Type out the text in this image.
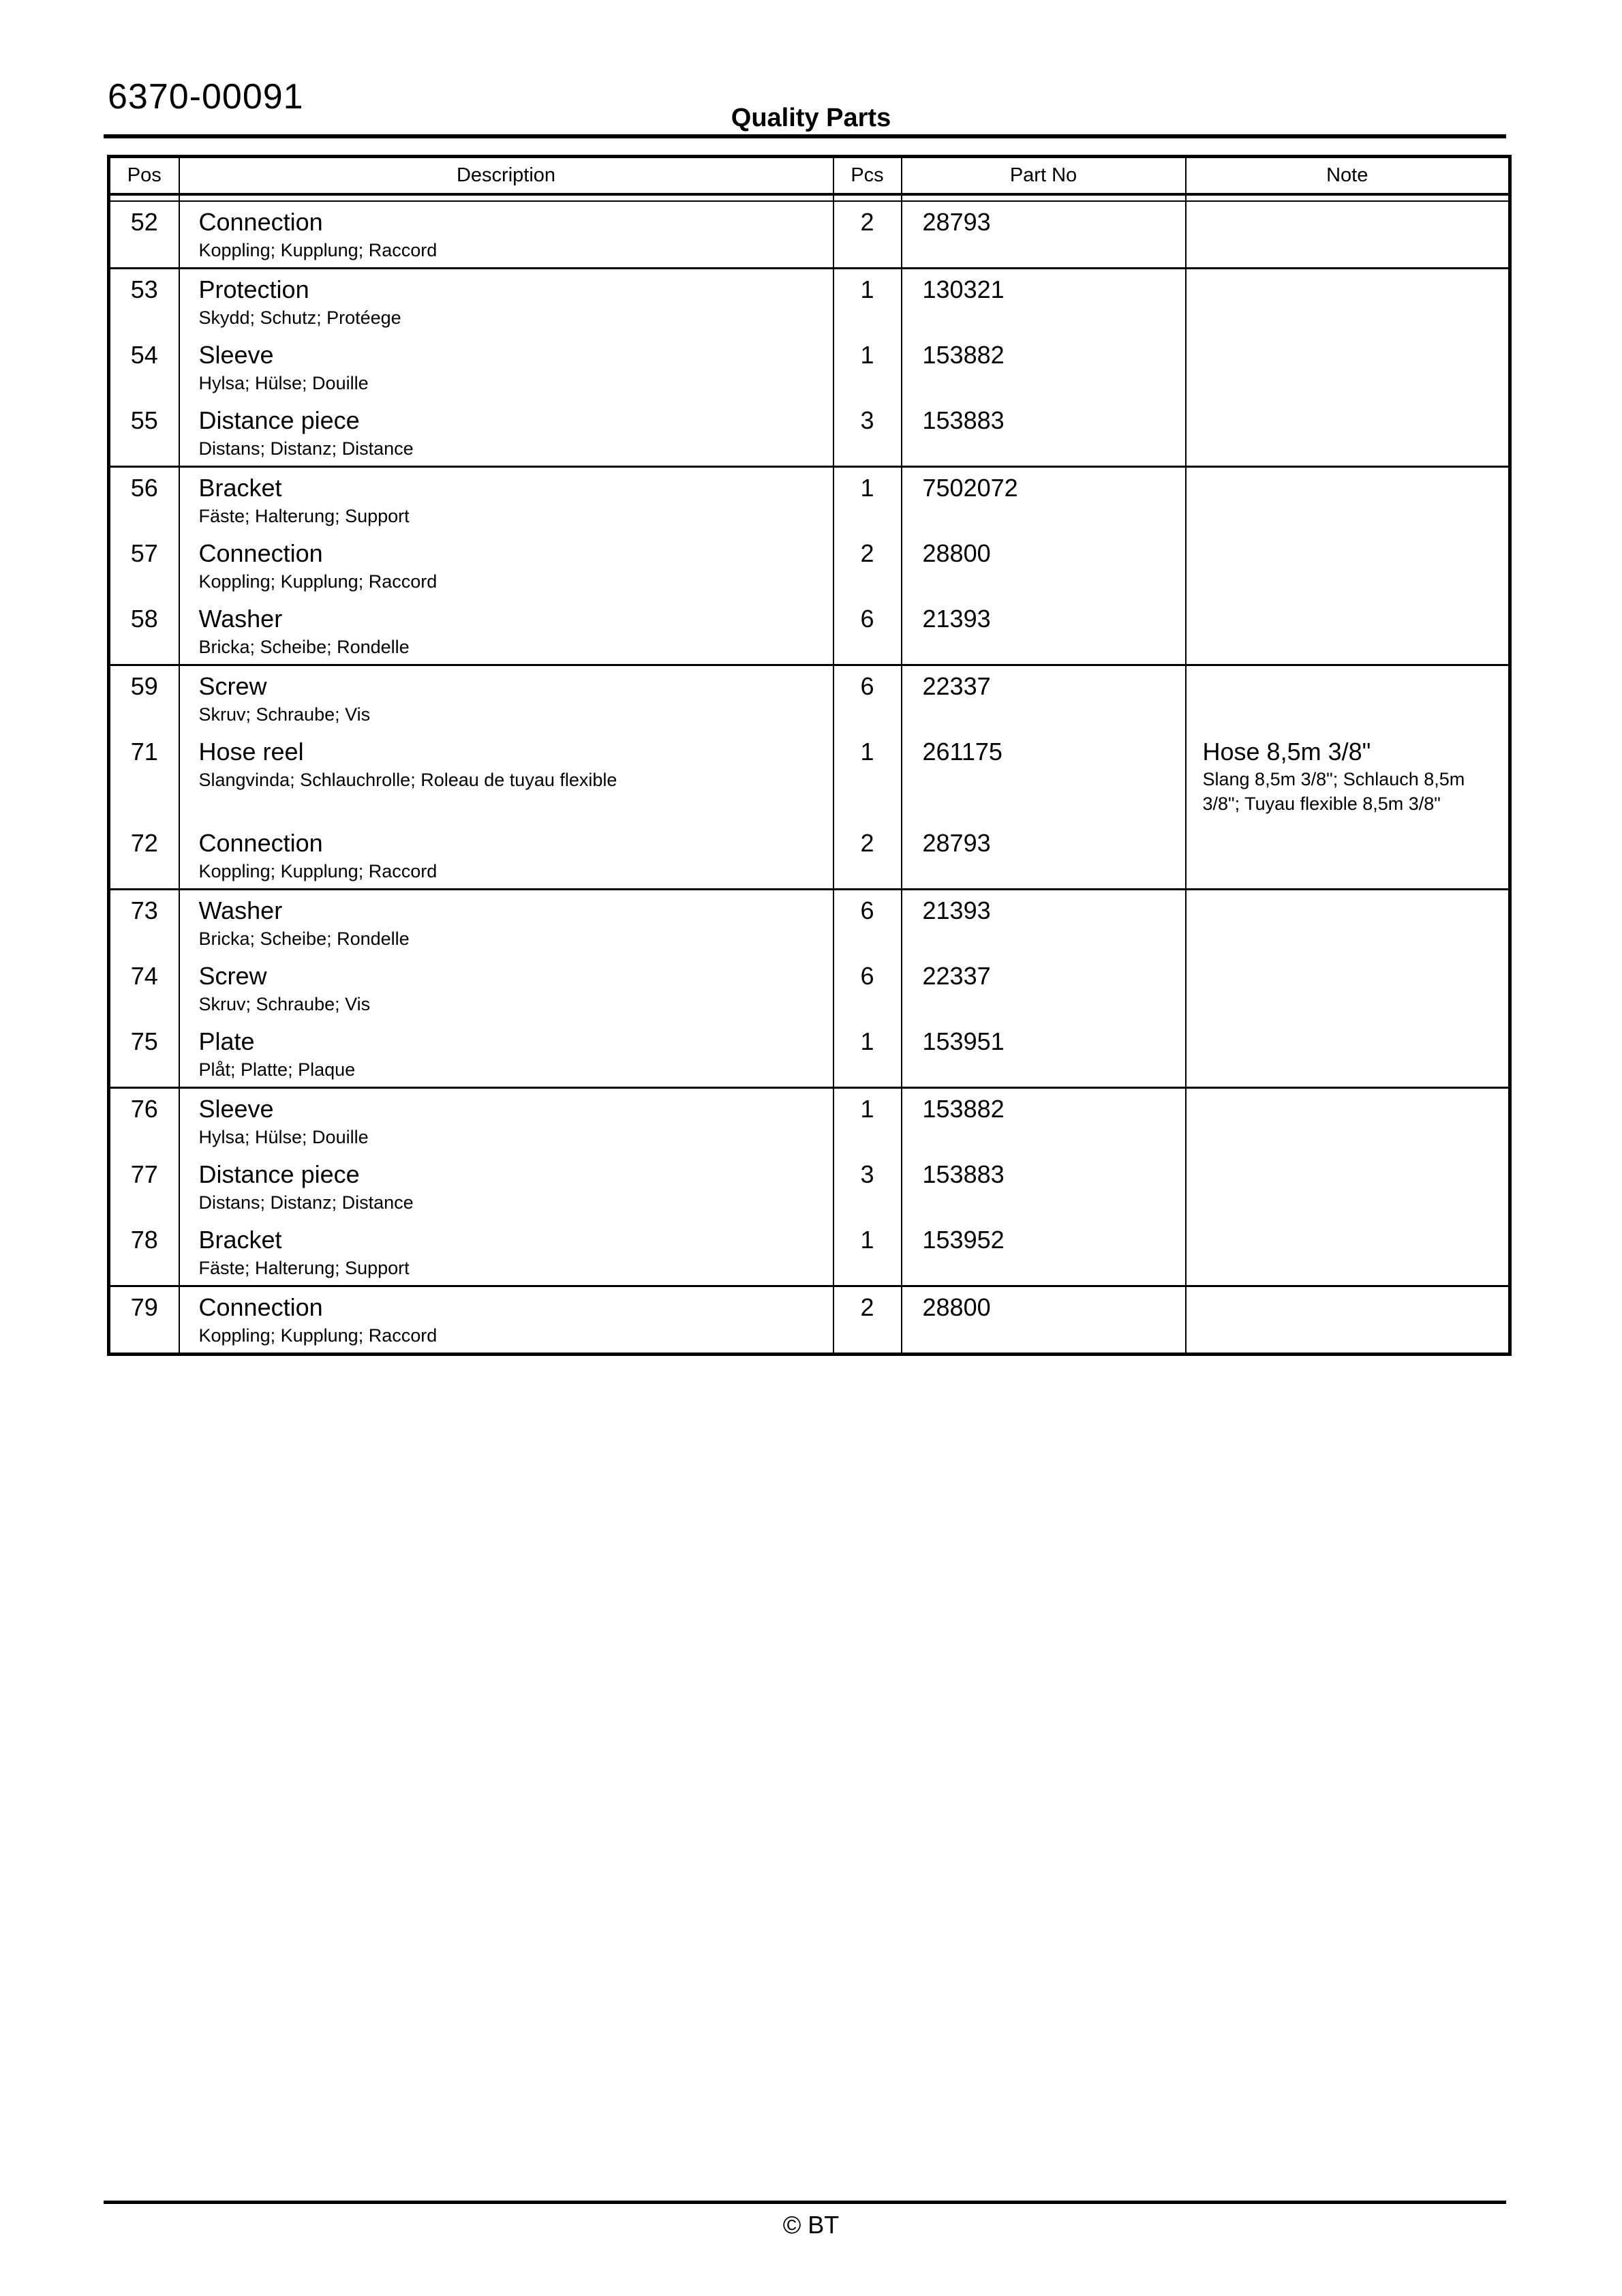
6370-00091
Quality Parts
Pos	Description	Pcs	Part No	Note

52	Connection
Koppling; Kupplung; Raccord	2	28793	

53	Protection
Skydd; Schutz; Protéege	1	130321	

54	Sleeve
Hylsa; Hülse; Douille	1	153882	

55	Distance piece
Distans; Distanz; Distance	3	153883	

56	Bracket
Fäste; Halterung; Support	1	7502072	

57	Connection
Koppling; Kupplung; Raccord	2	28800	

58	Washer
Bricka; Scheibe; Rondelle	6	21393	

59	Screw
Skruv; Schraube; Vis	6	22337	

71	Hose reel
Slangvinda; Schlauchrolle; Roleau de tuyau flexible
	1	261175	Hose 8,5m 3/8"
Slang 8,5m 3/8"; Schlauch 8,5m 3/8"; Tuyau flexible 8,5m 3/8"

72	Connection
Koppling; Kupplung; Raccord	2	28793	

73	Washer
Bricka; Scheibe; Rondelle	6	21393	

74	Screw
Skruv; Schraube; Vis	6	22337	

75	Plate
Plåt; Platte; Plaque	1	153951	

76	Sleeve
Hylsa; Hülse; Douille	1	153882	

77	Distance piece
Distans; Distanz; Distance	3	153883	

78	Bracket
Fäste; Halterung; Support	1	153952	

79	Connection
Koppling; Kupplung; Raccord	2	28800	
© BT
